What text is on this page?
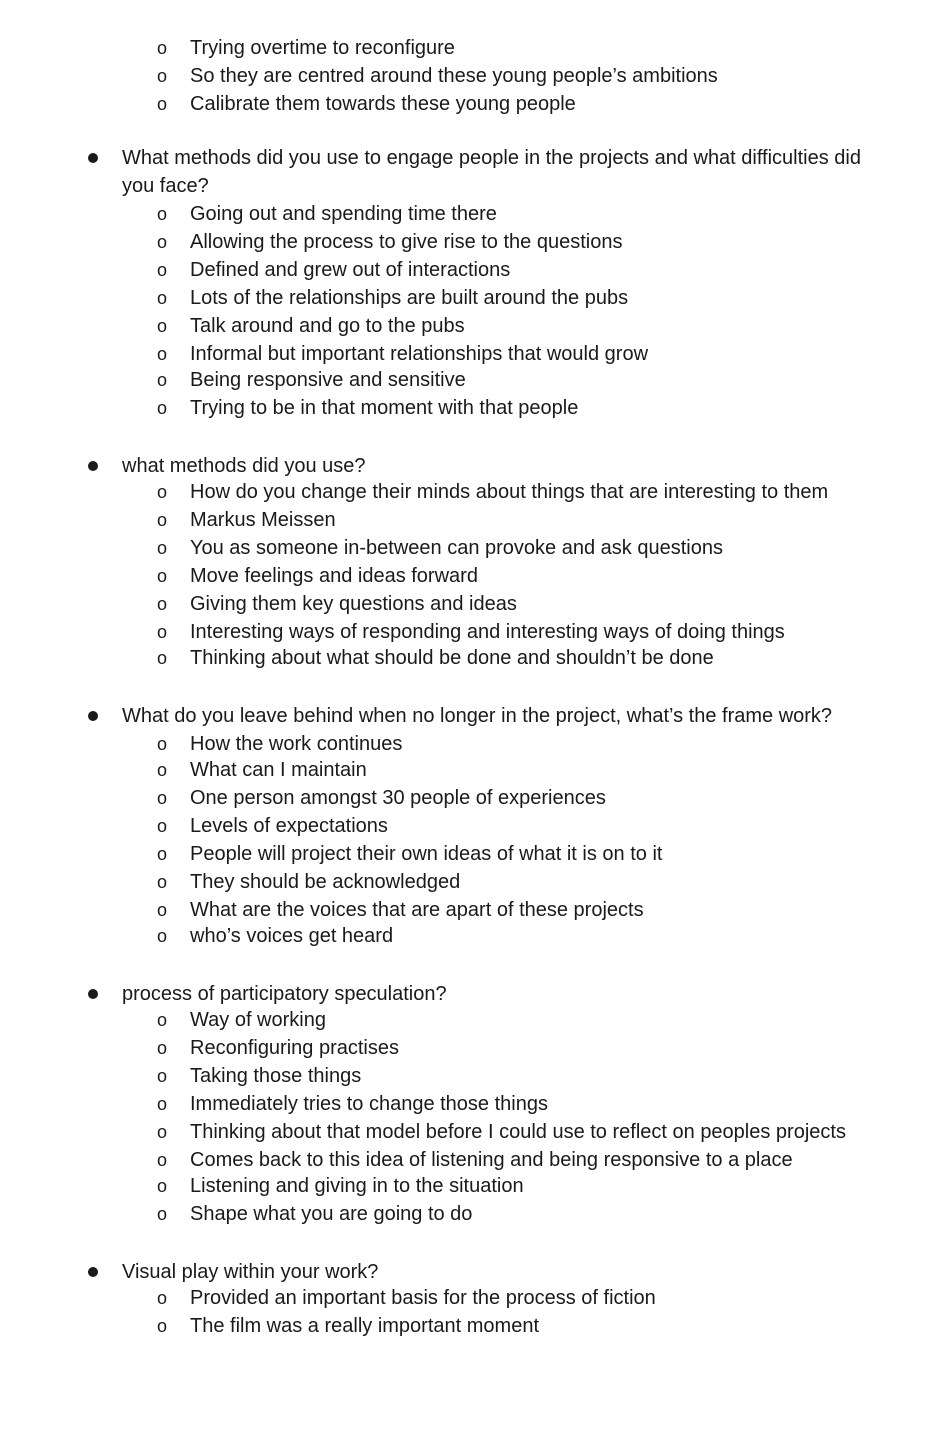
o Trying overtime to reconfigure
o So they are centred around these young people’s ambitions
o Calibrate them towards these young people
What methods did you use to engage people in the projects and what difficulties did
you face?
o Going out and spending time there
o Allowing the process to give rise to the questions
o Defined and grew out of interactions
o Lots of the relationships are built around the pubs
o Talk around and go to the pubs
o Informal but important relationships that would grow
o Being responsive and sensitive
o Trying to be in that moment with that people
what methods did you use?
o How do you change their minds about things that are interesting to them
o Markus Meissen
o You as someone in-between can provoke and ask questions
o Move feelings and ideas forward
o Giving them key questions and ideas
o Interesting ways of responding and interesting ways of doing things
o Thinking about what should be done and shouldn’t be done
What do you leave behind when no longer in the project, what’s the frame work?
o How the work continues
o What can I maintain
o One person amongst 30 people of experiences
o Levels of expectations
o People will project their own ideas of what it is on to it
o They should be acknowledged
o What are the voices that are apart of these projects
o who’s voices get heard
process of participatory speculation?
o Way of working
o Reconfiguring practises
o Taking those things
o Immediately tries to change those things
o Thinking about that model before I could use to reflect on peoples projects
o Comes back to this idea of listening and being responsive to a place
o Listening and giving in to the situation
o Shape what you are going to do
Visual play within your work?
o Provided an important basis for the process of fiction
o The film was a really important moment
